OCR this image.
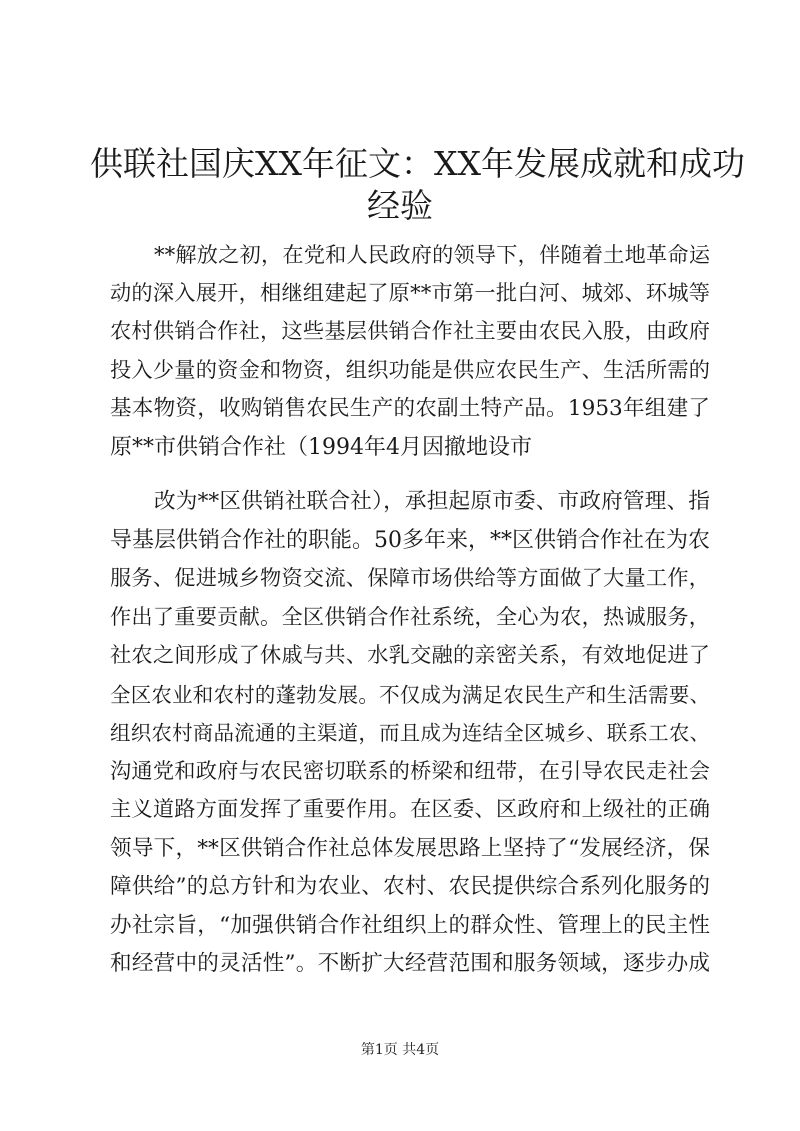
供联社国庆XX年征文：XX年发展成就和成功
经验
**解放之初，在党和人民政府的领导下，伴随着土地革命运
动的深入展开，相继组建起了原**市第一批白河、城郊、环城等
农村供销合作社，这些基层供销合作社主要由农民入股，由政府
投入少量的资金和物资，组织功能是供应农民生产、生活所需的
基本物资，收购销售农民生产的农副土特产品。1953年组建了
原**市供销合作社（1994年4月因撤地设市
改为**区供销社联合社），承担起原市委、市政府管理、指
导基层供销合作社的职能。50多年来，**区供销合作社在为农
服务、促进城乡物资交流、保障市场供给等方面做了大量工作，
作出了重要贡献。全区供销合作社系统，全心为农，热诚服务，
社农之间形成了休戚与共、水乳交融的亲密关系，有效地促进了
全区农业和农村的蓬勃发展。不仅成为满足农民生产和生活需要、
组织农村商品流通的主渠道，而且成为连结全区城乡、联系工农、
沟通党和政府与农民密切联系的桥梁和纽带，在引导农民走社会
主义道路方面发挥了重要作用。在区委、区政府和上级社的正确
领导下，**区供销合作社总体发展思路上坚持了“发展经济，保
障供给”的总方针和为农业、农村、农民提供综合系列化服务的
办社宗旨，“加强供销合作社组织上的群众性、管理上的民主性
和经营中的灵活性”。不断扩大经营范围和服务领域，逐步办成
第1页 共4页
